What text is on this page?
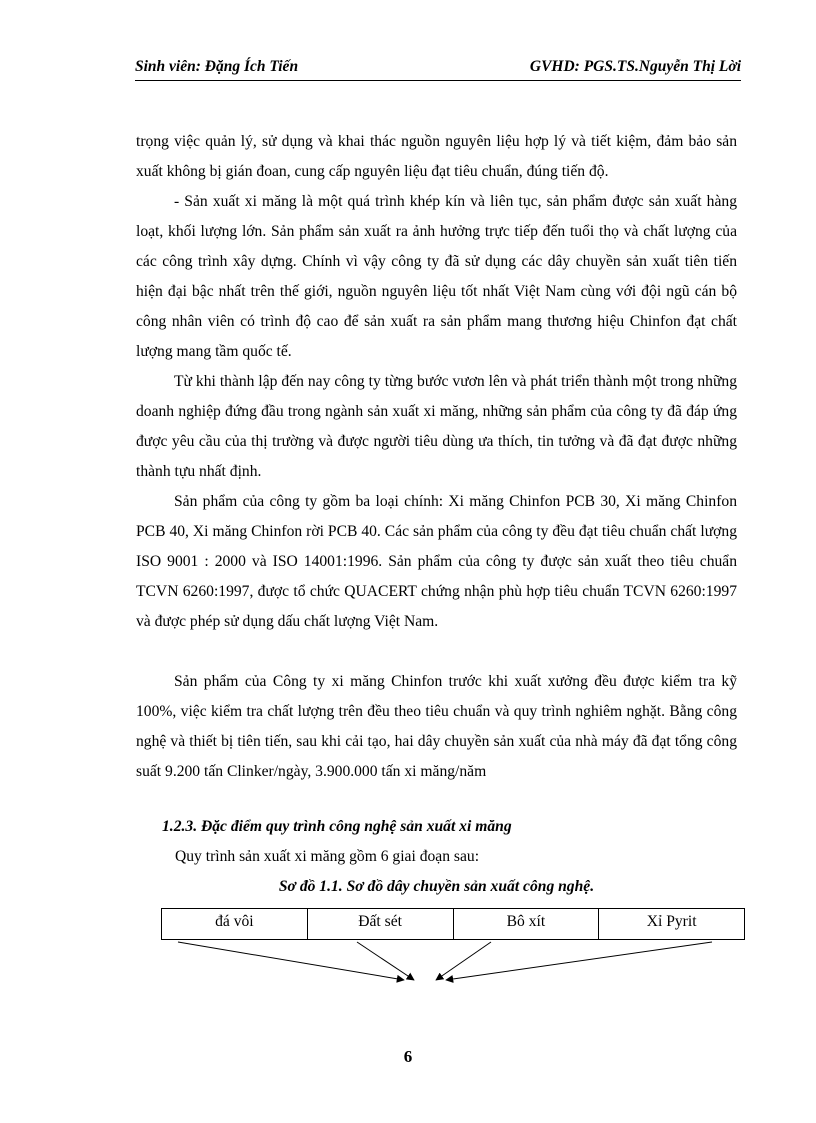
Sinh viên: Đặng Ích Tiến	GVHD: PGS.TS.Nguyễn Thị Lời

trọng việc quản lý, sử dụng và khai thác nguồn nguyên liệu hợp lý và tiết kiệm, đảm bảo sản xuất không bị gián đoan, cung cấp nguyên liệu đạt tiêu chuẩn, đúng tiến độ.

- Sản xuất xi măng là một quá trình khép kín và liên tục, sản phẩm được sản xuất hàng loạt, khối lượng lớn. Sản phẩm sản xuất ra ảnh hưởng trực tiếp đến tuổi thọ và chất lượng của các công trình xây dựng. Chính vì vậy công ty đã sử dụng các dây chuyền sản xuất tiên tiến hiện đại bậc nhất trên thế giới, nguồn nguyên liệu tốt nhất Việt Nam cùng với đội ngũ cán bộ công nhân viên có trình độ cao để sản xuất ra sản phẩm mang thương hiệu Chinfon đạt chất lượng mang tầm quốc tế.

Từ khi thành lập đến nay công ty từng bước vươn lên và phát triển thành một trong những doanh nghiệp đứng đầu trong ngành sản xuất xi măng, những sản phẩm của công ty đã đáp ứng được yêu cầu của thị trường và được người tiêu dùng ưa thích, tin tưởng và đã đạt được những thành tựu nhất định.

Sản phẩm của công ty gồm ba loại chính: Xi măng Chinfon PCB 30, Xi măng Chinfon PCB 40, Xi măng Chinfon rời PCB 40. Các sản phẩm của công ty đều đạt tiêu chuẩn chất lượng ISO 9001 : 2000 và ISO 14001:1996. Sản phẩm của công ty được sản xuất theo tiêu chuẩn TCVN 6260:1997, được tổ chức QUACERT chứng nhận phù hợp tiêu chuẩn TCVN 6260:1997 và được phép sử dụng dấu chất lượng Việt Nam.

Sản phẩm của Công ty xi măng Chinfon trước khi xuất xưởng đều được kiểm tra kỹ 100%, việc kiểm tra chất lượng trên đều theo tiêu chuẩn và quy trình nghiêm nghặt. Bằng công nghệ và thiết bị tiên tiến, sau khi cải tạo, hai dây chuyền sản xuất của nhà máy đã đạt tổng công suất 9.200 tấn Clinker/ngày, 3.900.000 tấn xi măng/năm

1.2.3. Đặc điểm quy trình công nghệ sản xuất xi măng

Quy trình sản xuất xi măng gồm 6 giai đoạn sau:

Sơ đồ 1.1. Sơ đồ dây chuyền sản xuất công nghệ.

đá vôi	Đất sét	Bô xít	Xỉ Pyrit
6
